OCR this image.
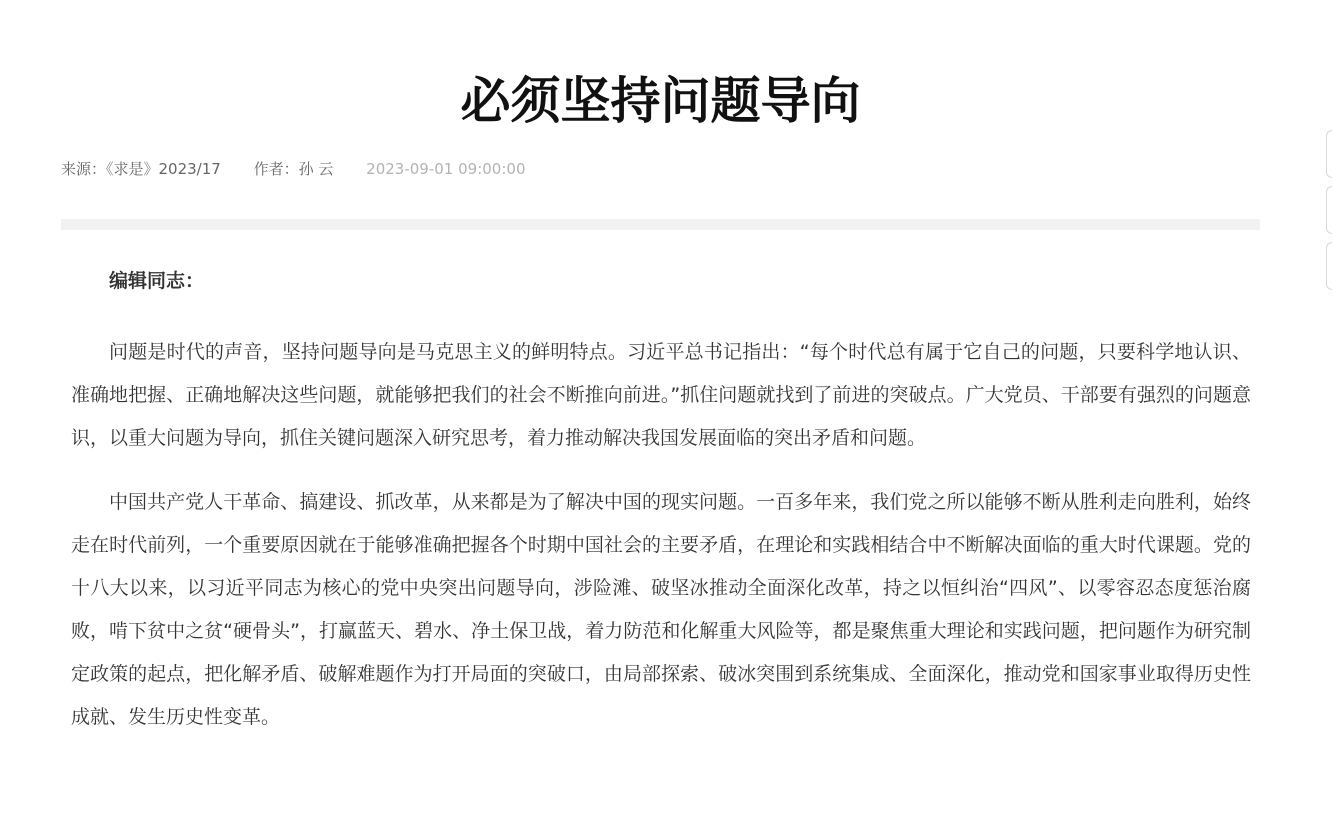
必须坚持问题导向
来源：《求是》2023/17 作者：孙 云 2023-09-01 09:00:00

编辑同志：

问题是时代的声音，坚持问题导向是马克思主义的鲜明特点。习近平总书记指出：“每个时代总有属于它自己的问题，只要科学地认识、准确地把握、正确地解决这些问题，就能够把我们的社会不断推向前进。”抓住问题就找到了前进的突破点。广大党员、干部要有强烈的问题意识，以重大问题为导向，抓住关键问题深入研究思考，着力推动解决我国发展面临的突出矛盾和问题。

中国共产党人干革命、搞建设、抓改革，从来都是为了解决中国的现实问题。一百多年来，我们党之所以能够不断从胜利走向胜利，始终走在时代前列，一个重要原因就在于能够准确把握各个时期中国社会的主要矛盾，在理论和实践相结合中不断解决面临的重大时代课题。党的十八大以来，以习近平同志为核心的党中央突出问题导向，涉险滩、破坚冰推动全面深化改革，持之以恒纠治“四风”、以零容忍态度惩治腐败，啃下贫中之贫“硬骨头”，打赢蓝天、碧水、净土保卫战，着力防范和化解重大风险等，都是聚焦重大理论和实践问题，把问题作为研究制定政策的起点，把化解矛盾、破解难题作为打开局面的突破口，由局部探索、破冰突围到系统集成、全面深化，推动党和国家事业取得历史性成就、发生历史性变革。
